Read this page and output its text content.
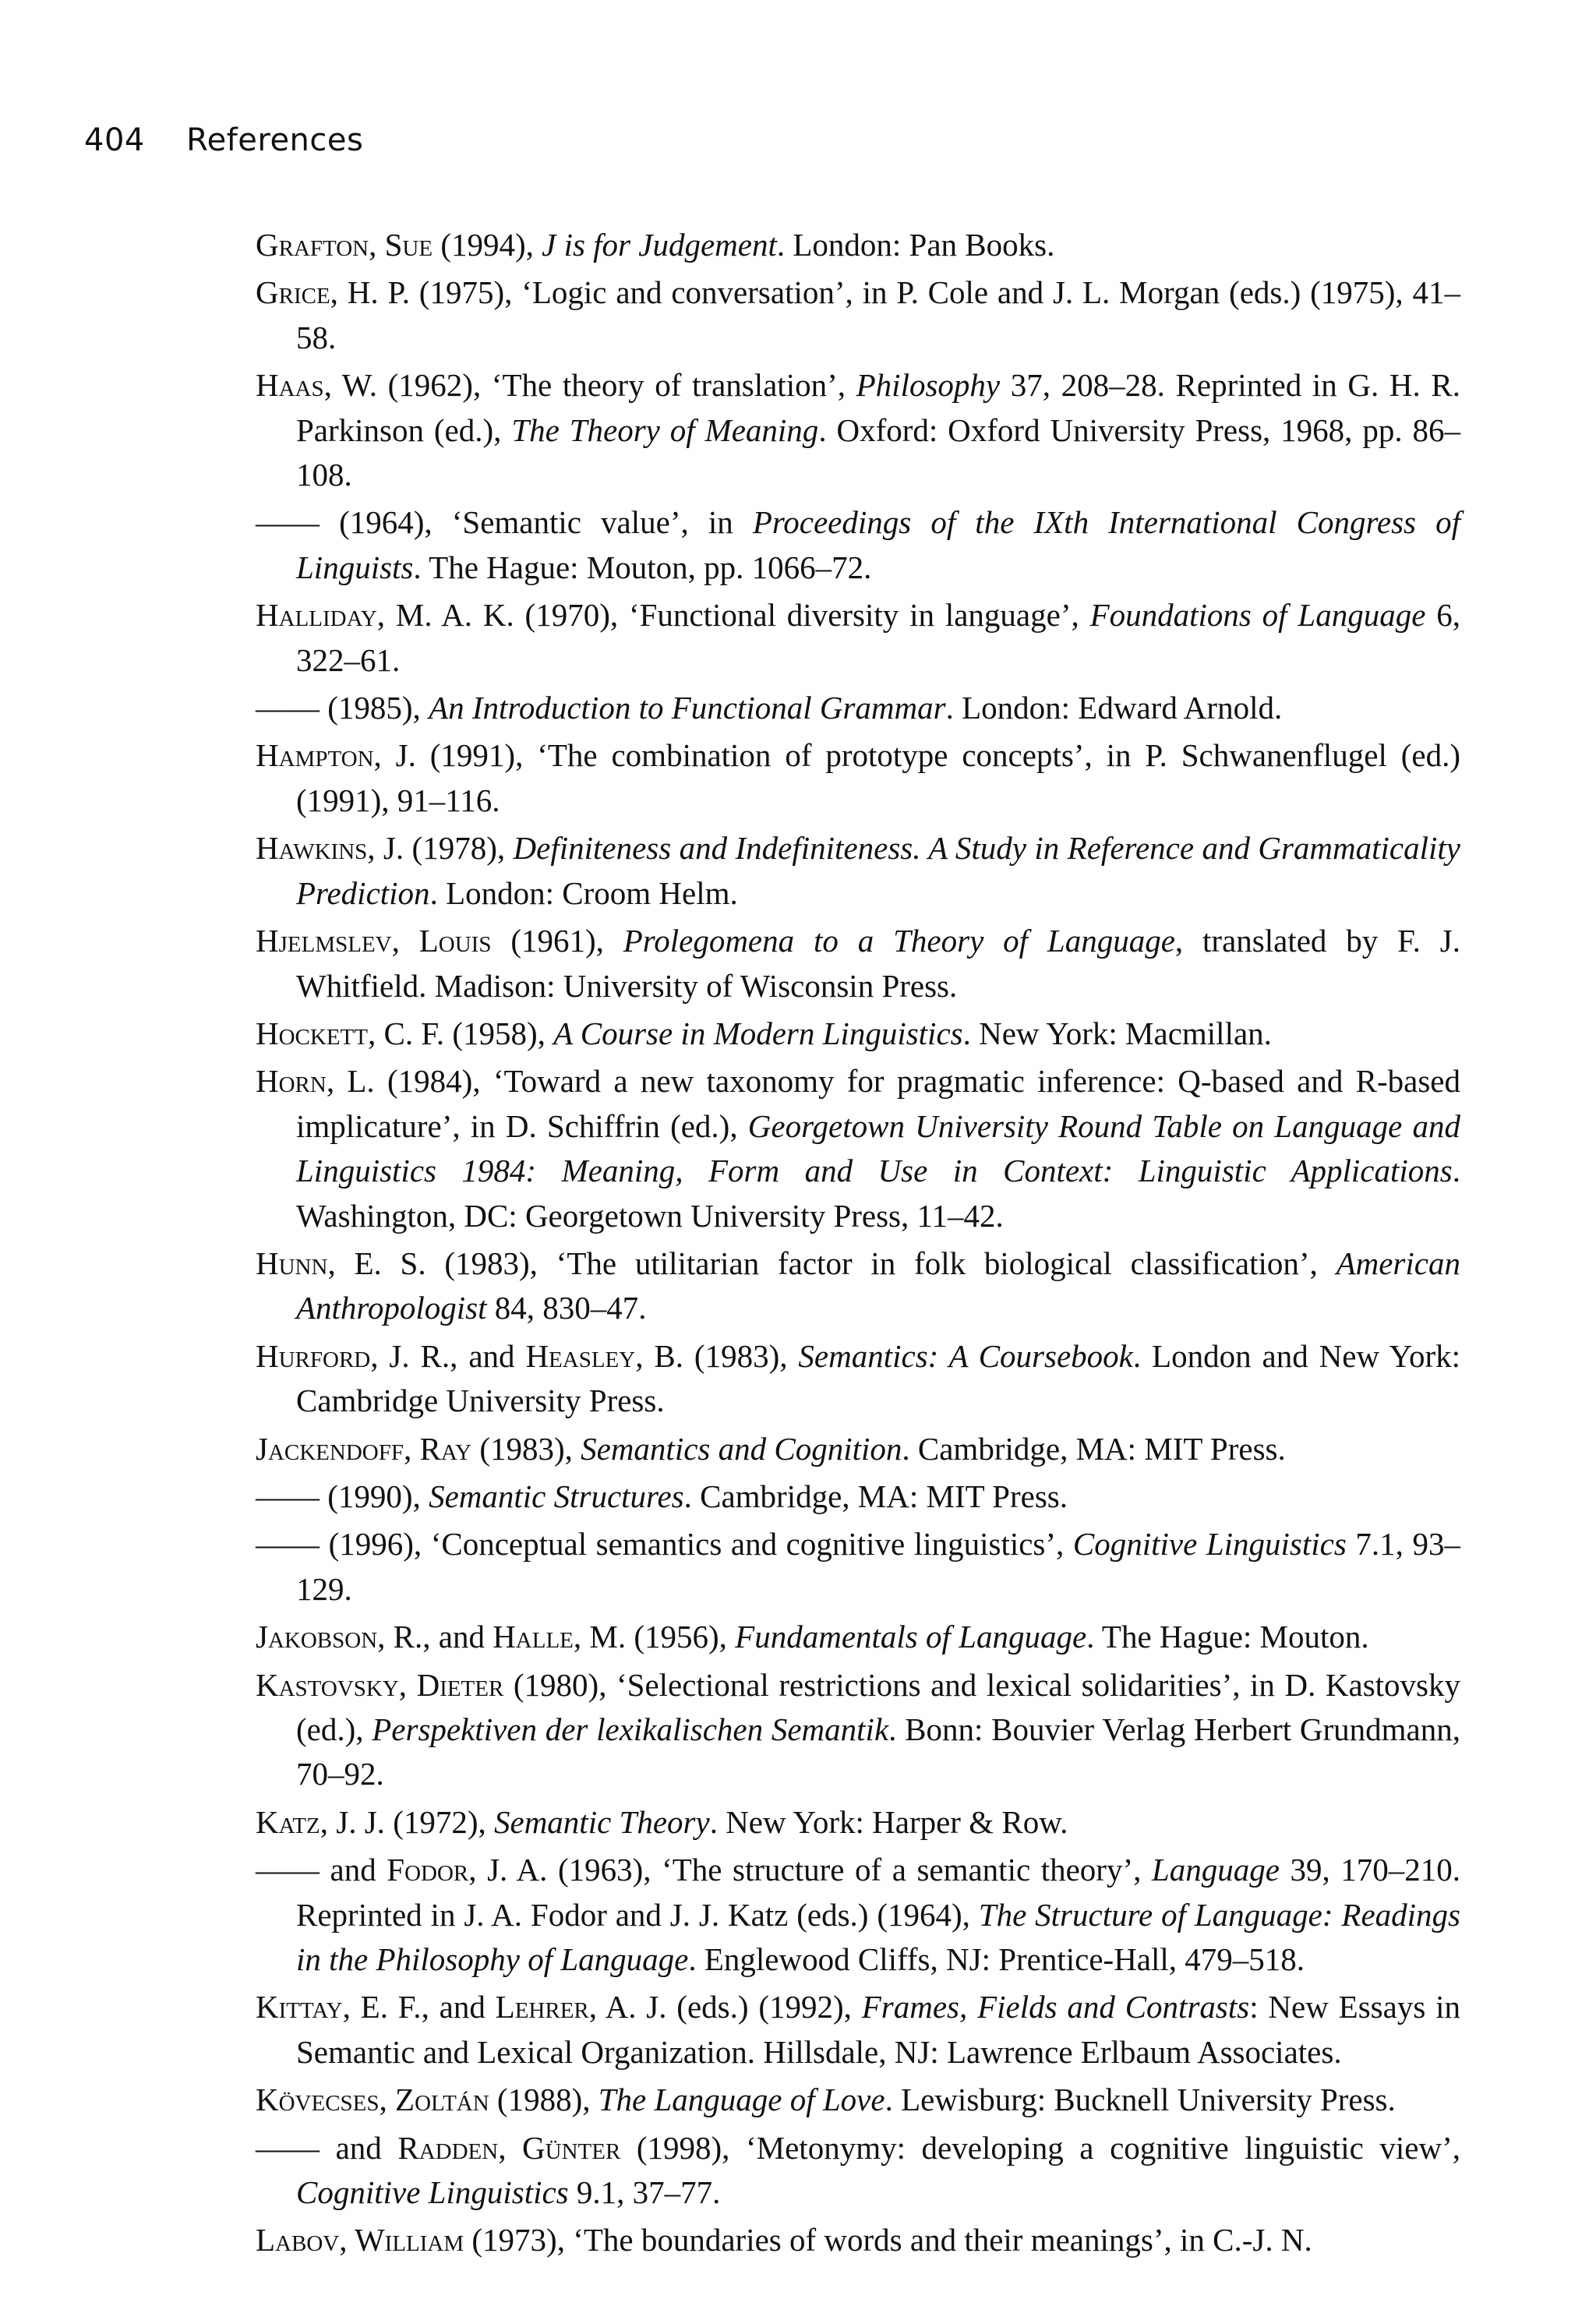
404 References

Grafton, Sue (1994), J is for Judgement. London: Pan Books.

Grice, H. P. (1975), ‘Logic and conversation’, in P. Cole and J. L. Morgan (eds.) (1975), 41–58.

Haas, W. (1962), ‘The theory of translation’, Philosophy 37, 208–28. Reprinted in G. H. R. Parkinson (ed.), The Theory of Meaning. Oxford: Oxford University Press, 1968, pp. 86–108.

—— (1964), ‘Semantic value’, in Proceedings of the IXth International Congress of Linguists. The Hague: Mouton, pp. 1066–72.

Halliday, M. A. K. (1970), ‘Functional diversity in language’, Foundations of Language 6, 322–61.

—— (1985), An Introduction to Functional Grammar. London: Edward Arnold.

Hampton, J. (1991), ‘The combination of prototype concepts’, in P. Schwanenflugel (ed.) (1991), 91–116.

Hawkins, J. (1978), Definiteness and Indefiniteness. A Study in Reference and Grammaticality Prediction. London: Croom Helm.

Hjelmslev, Louis (1961), Prolegomena to a Theory of Language, translated by F. J. Whitfield. Madison: University of Wisconsin Press.

Hockett, C. F. (1958), A Course in Modern Linguistics. New York: Macmillan.

Horn, L. (1984), ‘Toward a new taxonomy for pragmatic inference: Q-based and R-based implicature’, in D. Schiffrin (ed.), Georgetown University Round Table on Language and Linguistics 1984: Meaning, Form and Use in Context: Linguistic Applications. Washington, DC: Georgetown University Press, 11–42.

Hunn, E. S. (1983), ‘The utilitarian factor in folk biological classification’, American Anthropologist 84, 830–47.

Hurford, J. R., and Heasley, B. (1983), Semantics: A Coursebook. London and New York: Cambridge University Press.

Jackendoff, Ray (1983), Semantics and Cognition. Cambridge, MA: MIT Press.

—— (1990), Semantic Structures. Cambridge, MA: MIT Press.

—— (1996), ‘Conceptual semantics and cognitive linguistics’, Cognitive Linguistics 7.1, 93–129.

Jakobson, R., and Halle, M. (1956), Fundamentals of Language. The Hague: Mouton.

Kastovsky, Dieter (1980), ‘Selectional restrictions and lexical solidarities’, in D. Kastovsky (ed.), Perspektiven der lexikalischen Semantik. Bonn: Bouvier Verlag Herbert Grundmann, 70–92.

Katz, J. J. (1972), Semantic Theory. New York: Harper & Row.

—— and Fodor, J. A. (1963), ‘The structure of a semantic theory’, Language 39, 170–210. Reprinted in J. A. Fodor and J. J. Katz (eds.) (1964), The Structure of Language: Readings in the Philosophy of Language. Englewood Cliffs, NJ: Prentice-Hall, 479–518.

Kittay, E. F., and Lehrer, A. J. (eds.) (1992), Frames, Fields and Contrasts: New Essays in Semantic and Lexical Organization. Hillsdale, NJ: Lawrence Erlbaum Associates.

Kövecses, Zoltán (1988), The Language of Love. Lewisburg: Bucknell University Press.

—— and Radden, Günter (1998), ‘Metonymy: developing a cognitive linguistic view’, Cognitive Linguistics 9.1, 37–77.

Labov, William (1973), ‘The boundaries of words and their meanings’, in C.-J. N.
